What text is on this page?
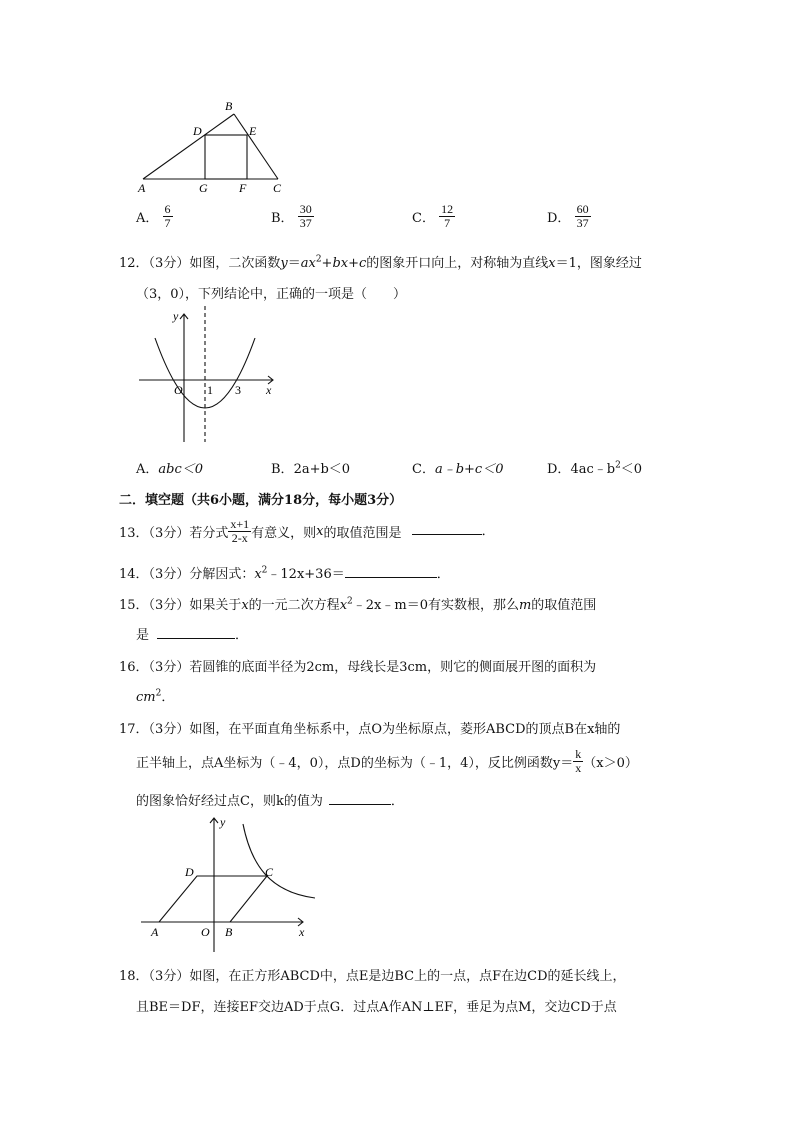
B
D	E
A	G	F C
A． $\frac{6}{7}$	B． $\frac{30}{37}$	C． $\frac{12}{7}$	D． $\frac{60}{37}$
12．（3分）如图，二次函数$y=ax^2+bx+c$的图象开口向上，对称轴为直线x＝1，图象经过
（3，0），下列结论中，正确的一项是（　　）
y
x
O 1 3
A．abc＜0	B．2a+b＜0	C．a﹣b+c＜0	D．$4ac﹣b^2<0$
二．填空题（共6小题，满分18分，每小题3分）
13．（3分）若分式 $\frac{x+1}{2-x}$ 有意义，则x的取值范围是	．
14．（3分）分解因式：$x^2﹣12x+36=$	．
15．（3分）如果关于x的一元二次方程$x^2﹣2x﹣m=0$有实数根，那么m的取值范围
是	．
16．（3分）若圆锥的底面半径为2cm，母线长是3cm，则它的侧面展开图的面积为
$cm^2$．
17．（3分）如图，在平面直角坐标系中，点O为坐标原点，菱形ABCD的顶点B在x轴的
正半轴上，点A坐标为（﹣4，0），点D的坐标为（﹣1，4），反比例函数$y= \frac{k}{x} (x>0)$
的图象恰好经过点C，则k的值为	．
y
x
D	C
A	O B
18．（3分）如图，在正方形ABCD中，点E是边BC上的一点，点F在边CD的延长线上，
且BE＝DF，连接EF交边AD于点G．过点A作AN⊥EF，垂足为点M，交边CD于点
